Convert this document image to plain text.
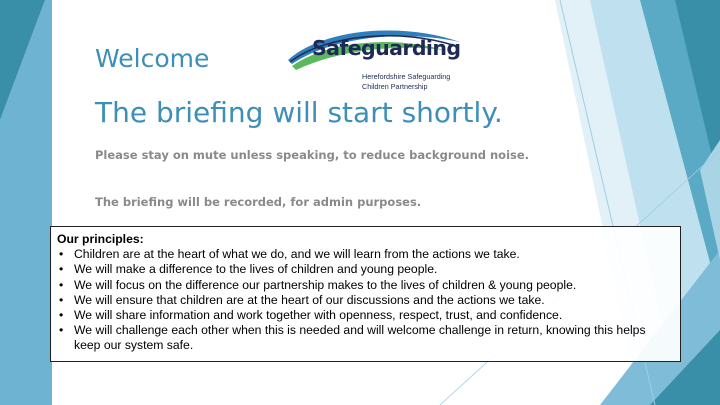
Safeguarding
Herefordshire Safeguarding
Children Partnership
Welcome
The briefing will start shortly.
Please stay on mute unless speaking, to reduce background noise.
The briefing will be recorded, for admin purposes.
Our principles:
• Children are at the heart of what we do, and we will learn from the actions we take.
• We will make a difference to the lives of children and young people.
• We will focus on the difference our partnership makes to the lives of children & young people.
• We will ensure that children are at the heart of our discussions and the actions we take.
• We will share information and work together with openness, respect, trust, and confidence.
• We will challenge each other when this is needed and will welcome challenge in return, knowing this helps keep our system safe.
